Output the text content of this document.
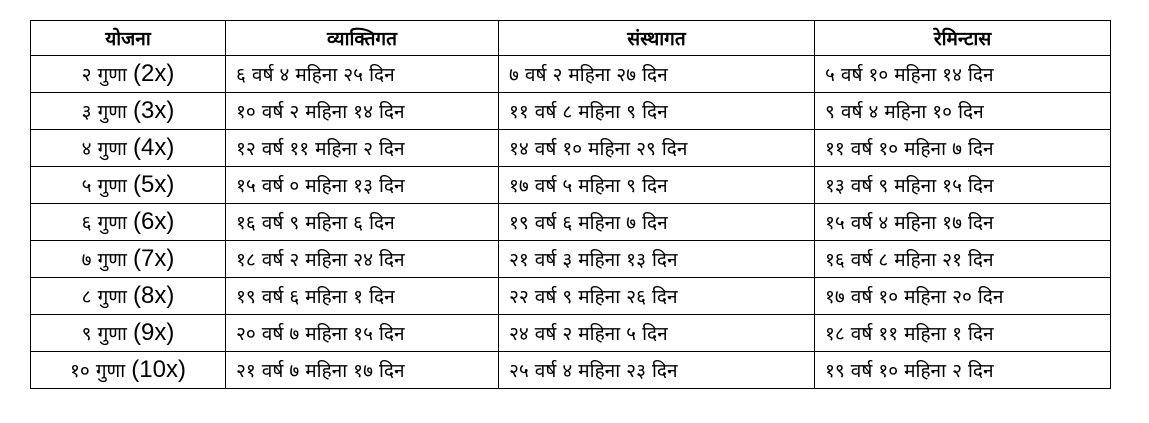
योजना	व्याक्तिगत	संस्थागत	रेमिन्टास
२ गुणा (2x)	६ वर्ष ४ महिना २५ दिन	७ वर्ष २ महिना २७ दिन	५ वर्ष १० महिना १४ दिन
३ गुणा (3x)	१० वर्ष २ महिना १४ दिन	११ वर्ष ८ महिना ९ दिन	९ वर्ष ४ महिना १० दिन
४ गुणा (4x)	१२ वर्ष ११ महिना २ दिन	१४ वर्ष १० महिना २९ दिन	११ वर्ष १० महिना ७ दिन
५ गुणा (5x)	१५ वर्ष ० महिना १३ दिन	१७ वर्ष ५ महिना ९ दिन	१३ वर्ष ९ महिना १५ दिन
६ गुणा (6x)	१६ वर्ष ९ महिना ६ दिन	१९ वर्ष ६ महिना ७ दिन	१५ वर्ष ४ महिना १७ दिन
७ गुणा (7x)	१८ वर्ष २ महिना २४ दिन	२१ वर्ष ३ महिना १३ दिन	१६ वर्ष ८ महिना २१ दिन
८ गुणा (8x)	१९ वर्ष ६ महिना १ दिन	२२ वर्ष ९ महिना २६ दिन	१७ वर्ष १० महिना २० दिन
९ गुणा (9x)	२० वर्ष ७ महिना १५ दिन	२४ वर्ष २ महिना ५ दिन	१८ वर्ष ११ महिना १ दिन
१० गुणा (10x)	२१ वर्ष ७ महिना १७ दिन	२५ वर्ष ४ महिना २३ दिन	१९ वर्ष १० महिना २ दिन
